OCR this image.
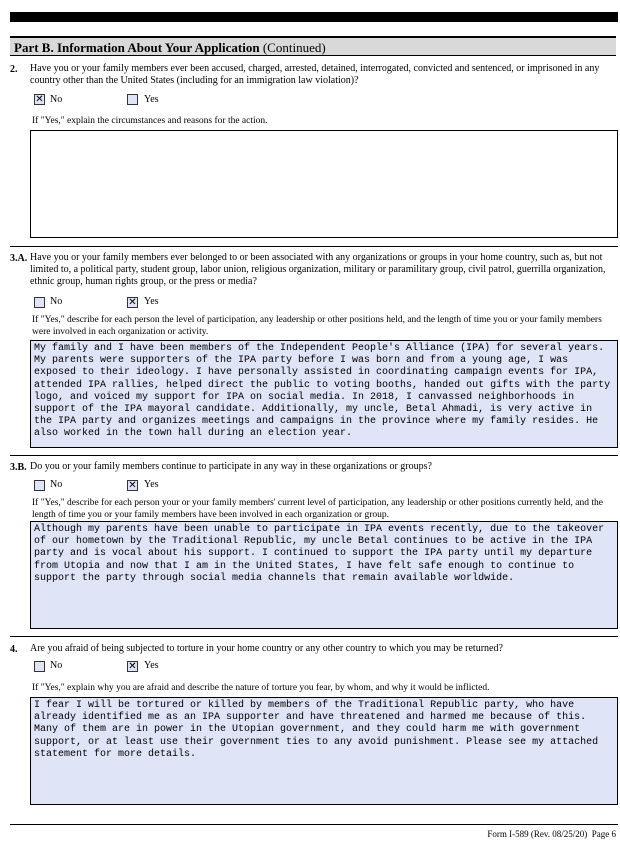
Part B. Information About Your Application (Continued)
2. Have you or your family members ever been accused, charged, arrested, detained, interrogated, convicted and sentenced, or imprisoned in any country other than the United States (including for an immigration law violation)?
✕ No	Yes
If "Yes," explain the circumstances and reasons for the action.
3.A. Have you or your family members ever belonged to or been associated with any organizations or groups in your home country, such as, but not limited to, a political party, student group, labor union, religious organization, military or paramilitary group, civil patrol, guerrilla organization, ethnic group, human rights group, or the press or media?
No	✕ Yes
If "Yes," describe for each person the level of participation, any leadership or other positions held, and the length of time you or your family members were involved in each organization or activity.
My family and I have been members of the Independent People's Alliance (IPA) for several years. My parents were supporters of the IPA party before I was born and from a young age, I was exposed to their ideology. I have personally assisted in coordinating campaign events for IPA, attended IPA rallies, helped direct the public to voting booths, handed out gifts with the party logo, and voiced my support for IPA on social media. In 2018, I canvassed neighborhoods in support of the IPA mayoral candidate. Additionally, my uncle, Betal Ahmadi, is very active in the IPA party and organizes meetings and campaigns in the province where my family resides. He also worked in the town hall during an election year.
3.B. Do you or your family members continue to participate in any way in these organizations or groups?
No	✕ Yes
If "Yes," describe for each person your or your family members' current level of participation, any leadership or other positions currently held, and the length of time you or your family members have been involved in each organization or group.
Although my parents have been unable to participate in IPA events recently, due to the takeover of our hometown by the Traditional Republic, my uncle Betal continues to be active in the IPA party and is vocal about his support. I continued to support the IPA party until my departure from Utopia and now that I am in the United States, I have felt safe enough to continue to support the party through social media channels that remain available worldwide.
4. Are you afraid of being subjected to torture in your home country or any other country to which you may be returned?
No	✕ Yes
If "Yes," explain why you are afraid and describe the nature of torture you fear, by whom, and why it would be inflicted.
I fear I will be tortured or killed by members of the Traditional Republic party, who have already identified me as an IPA supporter and have threatened and harmed me because of this. Many of them are in power in the Utopian government, and they could harm me with government support, or at least use their government ties to any avoid punishment. Please see my attached statement for more details.
Form I-589 (Rev. 08/25/20) Page 6
